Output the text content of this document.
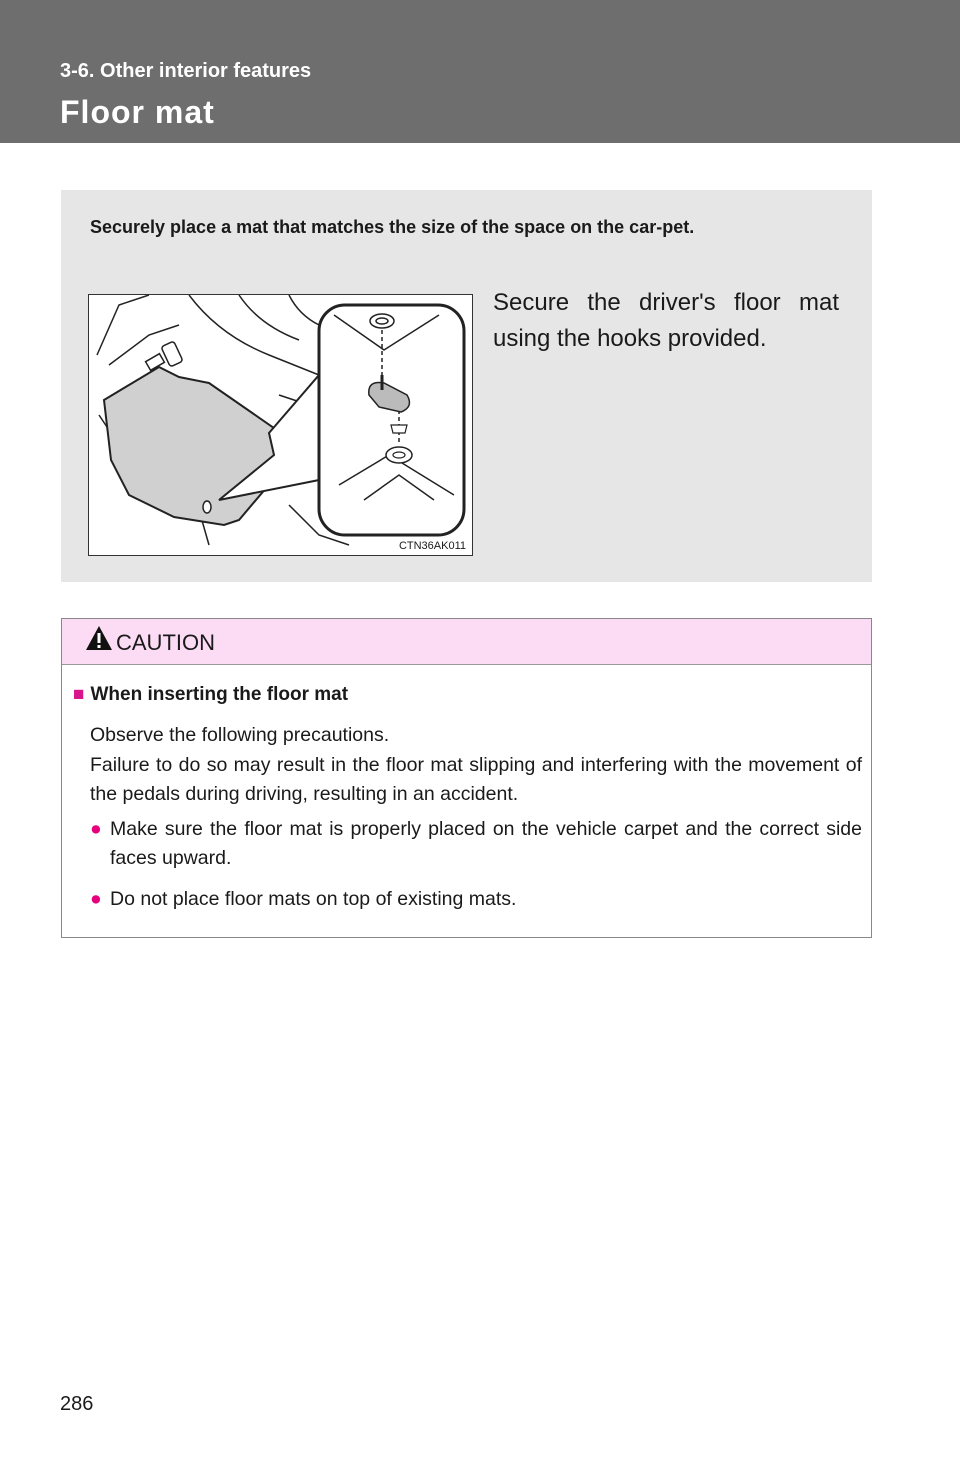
3-6. Other interior features
Floor mat
Securely place a mat that matches the size of the space on the car-pet.
CTN36AK011
Secure the driver's floor mat using the hooks provided.
CAUTION
■ When inserting the floor mat
Observe the following precautions.
Failure to do so may result in the floor mat slipping and interfering with the movement of the pedals during driving, resulting in an accident.
● Make sure the floor mat is properly placed on the vehicle carpet and the correct side faces upward.
● Do not place floor mats on top of existing mats.
286
